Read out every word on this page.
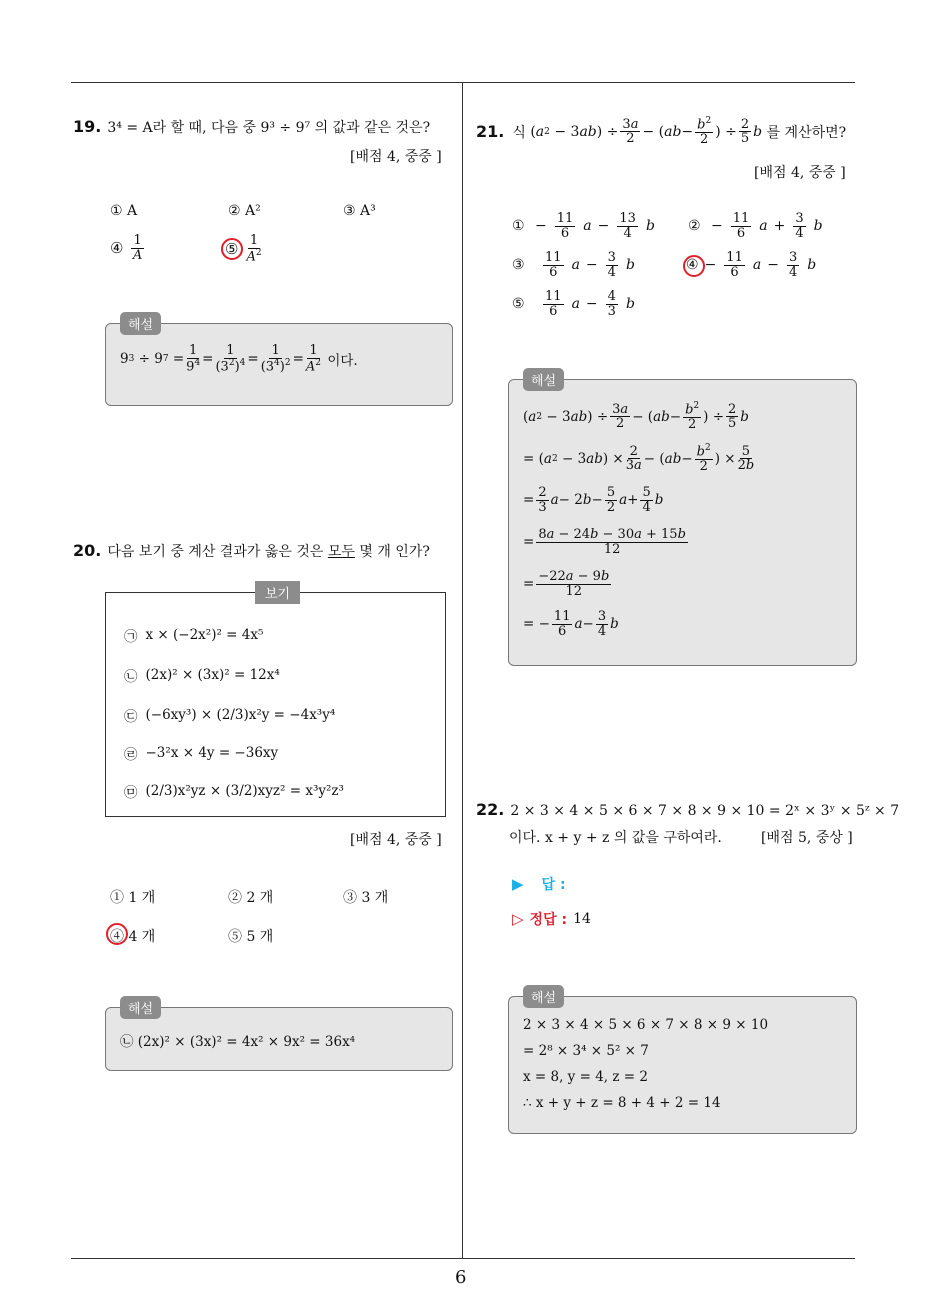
6
19. 3⁴ = A라 할 때, 다음 중 9³ ÷ 9⁷ 의 값과 같은 것은?
[배점 4, 중중 ]
① A	② A²	③ A³
④ $\frac{1}{A}$	⑤ $\frac{1}{A^2}$
해설
9 3 ÷ 9 $7 = \frac{1}{9^4} = \frac{1}{(3^2)^4} = \frac{1}{(3^4)^2} = \frac{1}{A^2}$
이다.
20. 다음 보기 중 계산 결과가 옳은 것은 모두 몇 개 인가?
보기
㉠ x × (−2x²)² = 4x⁵
㉡ (2x)² × (3x)² = 12x⁴
㉢ (−6xy³) × (2/3)x²y = −4x³y⁴
㉣ −3²x × 4y = −36xy
㉤ (2/3)x²yz × (3/2)xyz² = x³y²z³
[배점 4, 중중 ]
① 1 개	② 2 개	③ 3 개
④ 4 개	⑤ 5 개
해설
㉡ (2x)² × (3x)² = 4x² × 9x² = 36x⁴
21. 식 ( a 2 − 3 ab ) ÷ $\frac{3a}{2}$ − ( ab − $\frac{b^2}{2}$ ) ÷ $\frac{2}{5}$ b
를 계산하면?
[배점 4, 중중 ]
① − $\frac{11}{6}$ $a - \frac{13}{4}$ b ② − $\frac{11}{6}$ $a + \frac{3}{4}$ b
③
$\frac{11}{6}$ $a - \frac{3}{4}$ b	④ − $\frac{11}{6}$ $a - \frac{3}{4}$ b
⑤
$\frac{11}{6}$ $a - \frac{4}{3}$ b
해설
( a 2 − 3 ab ) ÷ $\frac{3a}{2}$ − ( ab − $\frac{b^2}{2}$ ) ÷ $\frac{2}{5}$ b
= ( a 2 − 3 ab ) × $\frac{2}{3a}$ − ( ab − $\frac{b^2}{2}$ ) × $\frac{5}{2b}$
= $\frac{2}{3}$ a − 2 $b - \frac{5}{2}$ $a + \frac{5}{4}$ b
= $\frac{8a - 24b - 30a + 15b}{12}$
= $\frac{-22a - 9b}{12}$
= − $\frac{11}{6}$ $a - \frac{3}{4}$ b
22. 2 × 3 × 4 × 5 × 6 × 7 × 8 × 9 × 10 = 2ˣ × 3ʸ × 5ᶻ × 7
이다. x + y + z 의 값을 구하여라.	[배점 5, 중상 ]
▶ 답 :
▷ 정답 : 14
해설
2 × 3 × 4 × 5 × 6 × 7 × 8 × 9 × 10
= 2⁸ × 3⁴ × 5² × 7
x = 8, y = 4, z = 2
∴ x + y + z = 8 + 4 + 2 = 14
